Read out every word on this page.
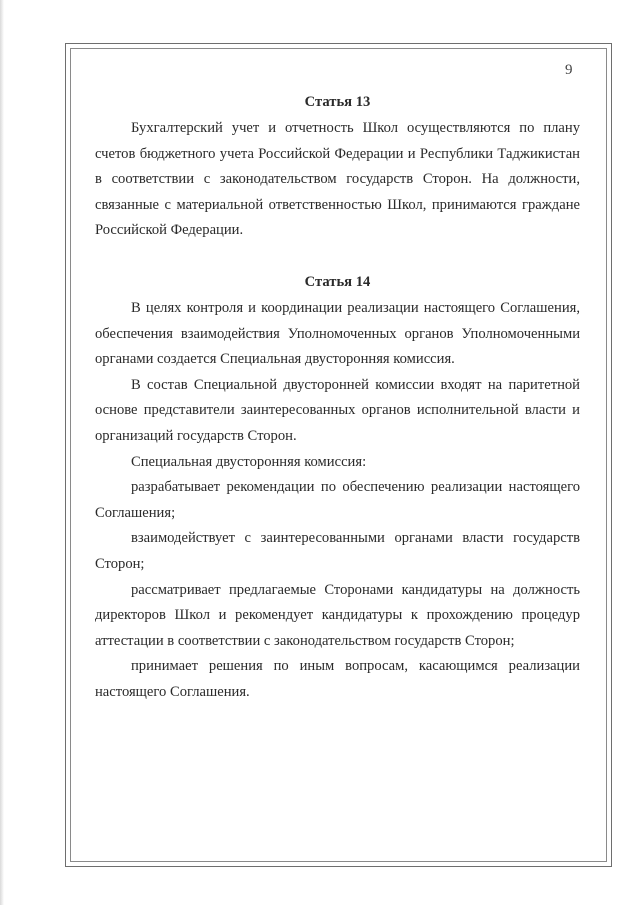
9
Статья 13

Бухгалтерский учет и отчетность Школ осуществляются по плану счетов бюджетного учета Российской Федерации и Республики Таджикистан в соответствии с законодательством государств Сторон. На должности, связанные с материальной ответственностью Школ, принимаются граждане Российской Федерации.

Статья 14

В целях контроля и координации реализации настоящего Соглашения, обеспечения взаимодействия Уполномоченных органов Уполномоченными органами создается Специальная двусторонняя комиссия.

В состав Специальной двусторонней комиссии входят на паритетной основе представители заинтересованных органов исполнительной власти и организаций государств Сторон.

Специальная двусторонняя комиссия:

разрабатывает рекомендации по обеспечению реализации настоящего Соглашения;

взаимодействует с заинтересованными органами власти государств Сторон;

рассматривает предлагаемые Сторонами кандидатуры на должность директоров Школ и рекомендует кандидатуры к прохождению процедур аттестации в соответствии с законодательством государств Сторон;

принимает решения по иным вопросам, касающимся реализации настоящего Соглашения.
